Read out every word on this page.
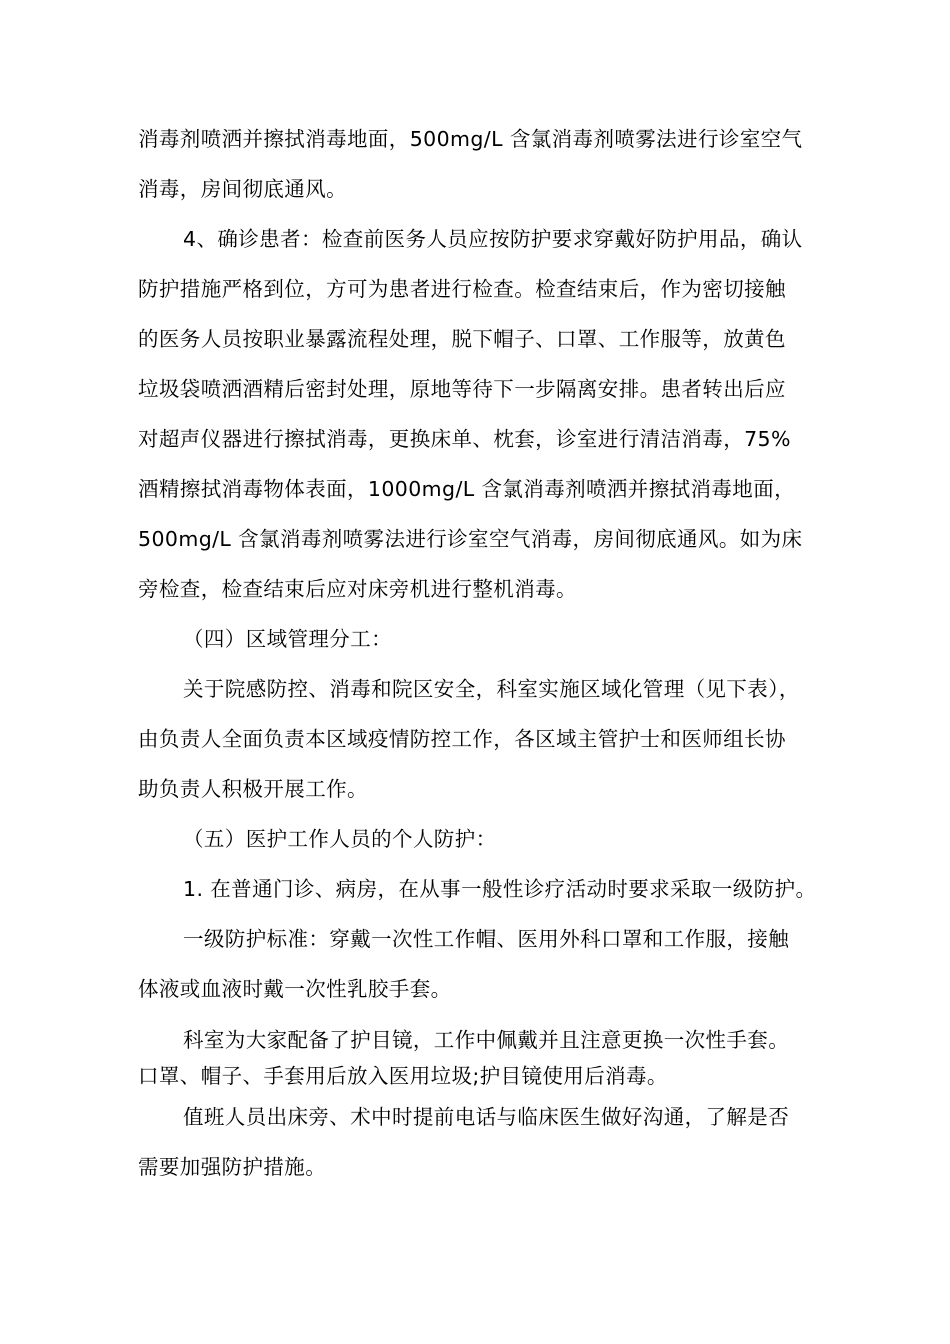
消毒剂喷洒并擦拭消毒地面，500mg/L 含氯消毒剂喷雾法进行诊室空气
消毒，房间彻底通风。
4、确诊患者：检查前医务人员应按防护要求穿戴好防护用品，确认
防护措施严格到位，方可为患者进行检查。检查结束后，作为密切接触
的医务人员按职业暴露流程处理，脱下帽子、口罩、工作服等，放黄色
垃圾袋喷洒酒精后密封处理，原地等待下一步隔离安排。患者转出后应
对超声仪器进行擦拭消毒，更换床单、枕套，诊室进行清洁消毒，75%
酒精擦拭消毒物体表面，1000mg/L 含氯消毒剂喷洒并擦拭消毒地面，
500mg/L 含氯消毒剂喷雾法进行诊室空气消毒，房间彻底通风。如为床
旁检查，检查结束后应对床旁机进行整机消毒。
（四）区域管理分工：
关于院感防控、消毒和院区安全，科室实施区域化管理（见下表），
由负责人全面负责本区域疫情防控工作，各区域主管护士和医师组长协
助负责人积极开展工作。
（五）医护工作人员的个人防护：
1. 在普通门诊、病房，在从事一般性诊疗活动时要求采取一级防护。
一级防护标准：穿戴一次性工作帽、医用外科口罩和工作服，接触
体液或血液时戴一次性乳胶手套。
科室为大家配备了护目镜，工作中佩戴并且注意更换一次性手套。
口罩、帽子、手套用后放入医用垃圾;护目镜使用后消毒。
值班人员出床旁、术中时提前电话与临床医生做好沟通，了解是否
需要加强防护措施。
